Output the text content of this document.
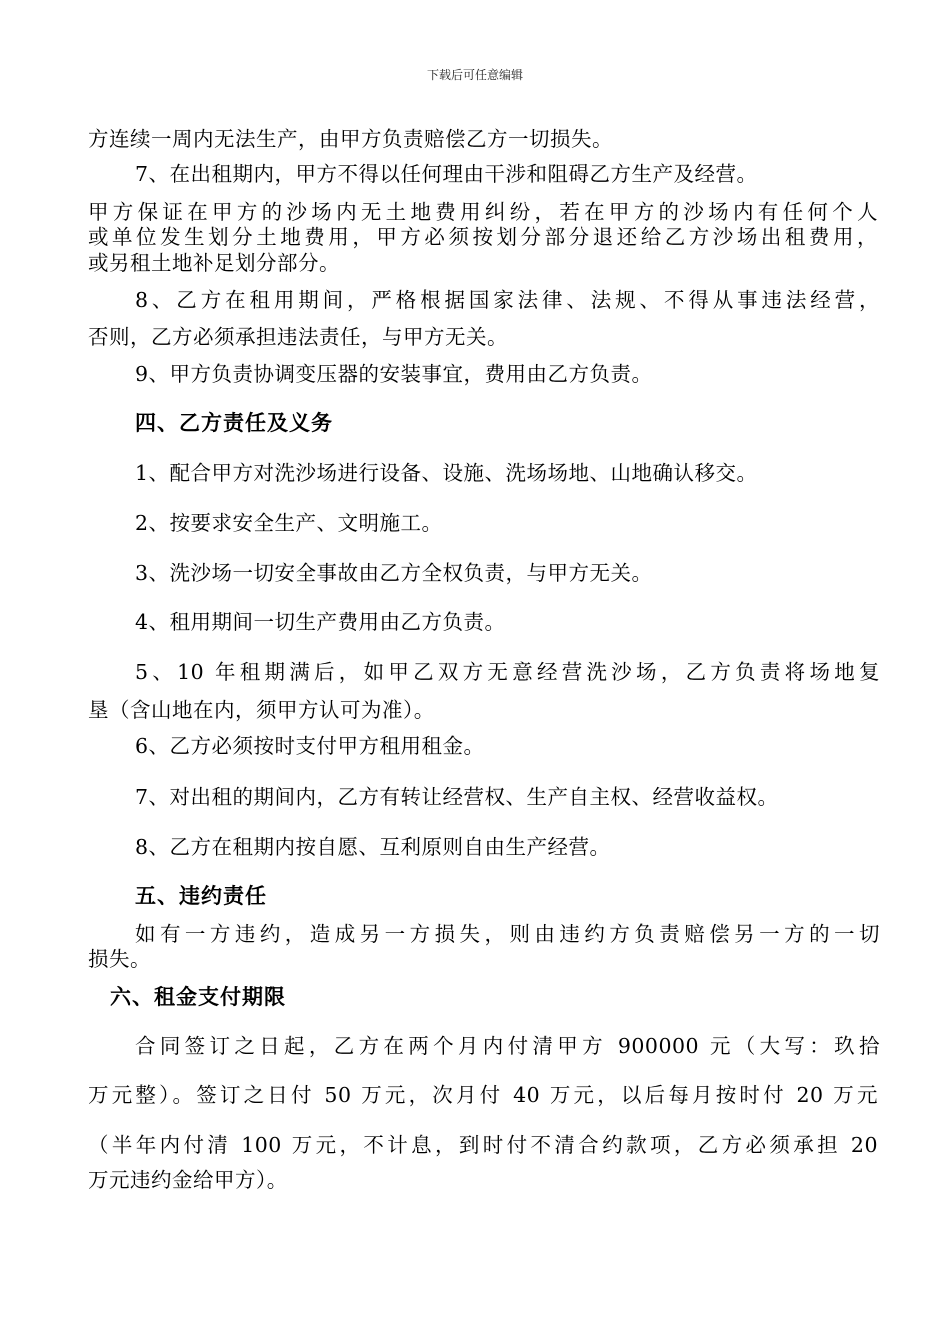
下载后可任意编辑
方连续一周内无法生产，由甲方负责赔偿乙方一切损失。
7、在出租期内，甲方不得以任何理由干涉和阻碍乙方生产及经营。
甲方保证在甲方的沙场内无土地费用纠纷，若在甲方的沙场内有任何个人
或单位发生划分土地费用，甲方必须按划分部分退还给乙方沙场出租费用，
或另租土地补足划分部分。
8、乙方在租用期间，严格根据国家法律、法规、不得从事违法经营，
否则，乙方必须承担违法责任，与甲方无关。
9、甲方负责协调变压器的安装事宜，费用由乙方负责。
四、乙方责任及义务
1、配合甲方对洗沙场进行设备、设施、洗场场地、山地确认移交。
2、按要求安全生产、文明施工。
3、洗沙场一切安全事故由乙方全权负责，与甲方无关。
4、租用期间一切生产费用由乙方负责。
5、10 年租期满后，如甲乙双方无意经营洗沙场，乙方负责将场地复
垦（含山地在内，须甲方认可为准）。
6、乙方必须按时支付甲方租用租金。
7、对出租的期间内，乙方有转让经营权、生产自主权、经营收益权。
8、乙方在租期内按自愿、互利原则自由生产经营。
五、违约责任
如有一方违约，造成另一方损失，则由违约方负责赔偿另一方的一切
损失。
六、租金支付期限
合同签订之日起，乙方在两个月内付清甲方 900000 元（大写：玖拾
万元整）。签订之日付 50 万元，次月付 40 万元，以后每月按时付 20 万元
（半年内付清 100 万元，不计息，到时付不清合约款项，乙方必须承担 20
万元违约金给甲方）。
